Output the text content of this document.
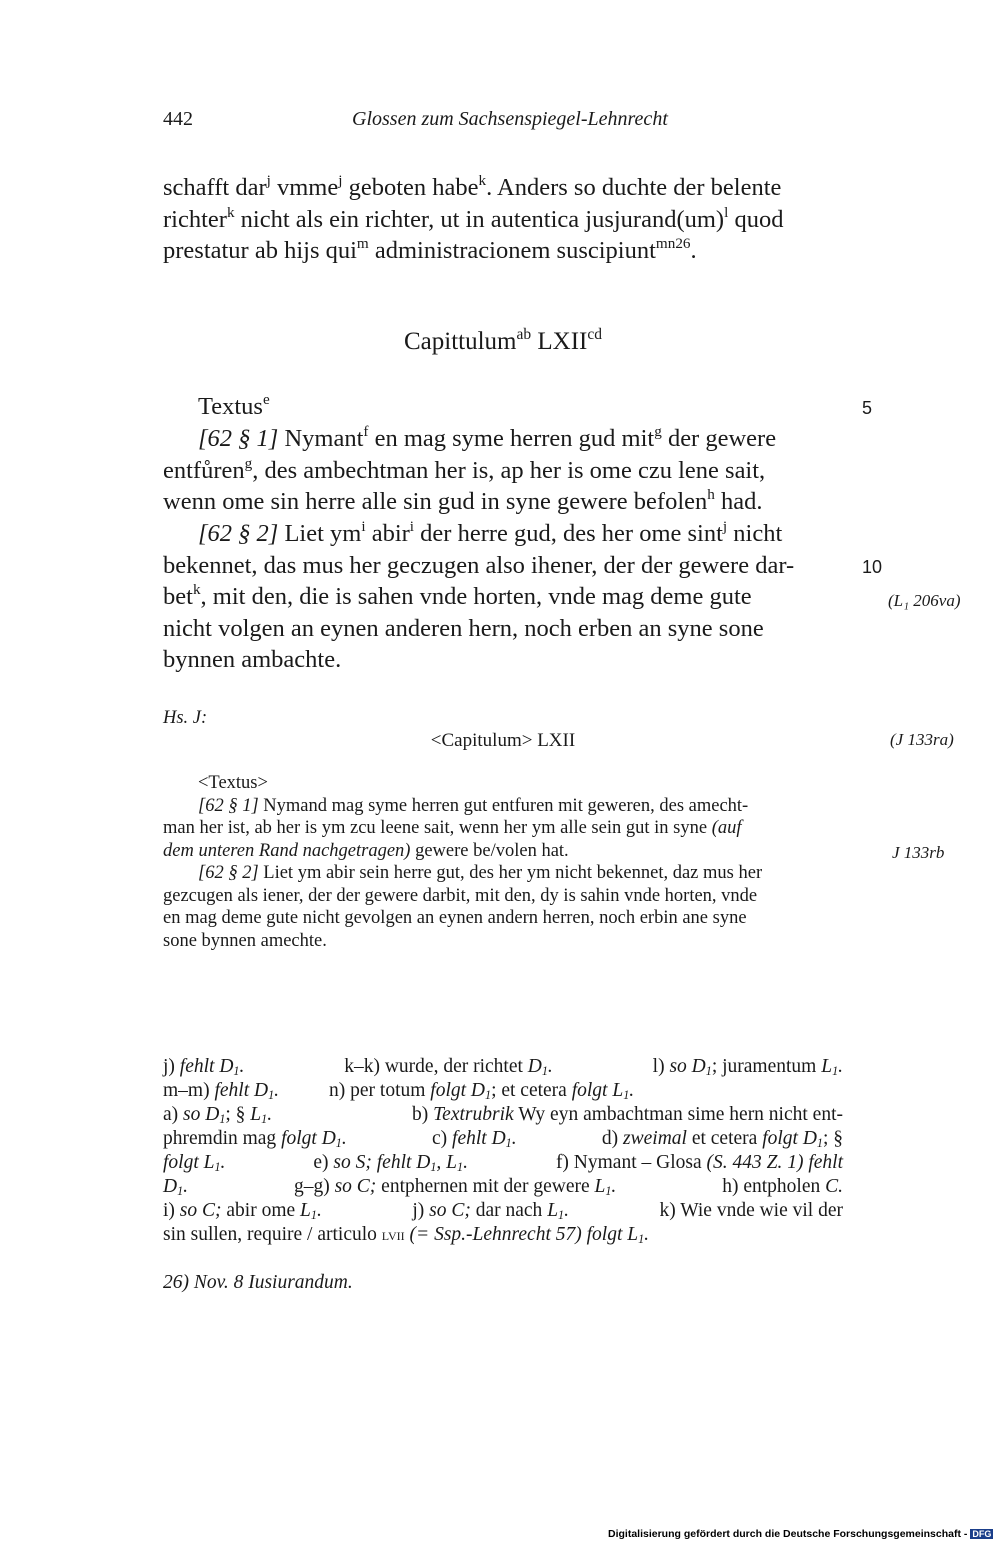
442	Glossen zum Sachsenspiegel-Lehnrecht
schafft dar$^j$ vmme$^j$ geboten habe$^k$. Anders so duchte der belente
richter$^k$ nicht als ein richter, ut in autentica jusjurand(um)$^l$ quod
prestatur ab hijs qui$^m$ administracionem suscipiunt$^{mn26}$.
Capittulum$^{ab}$ $LXII^{cd}$
Textus$^e$	5
10
(L₁ 206va)
[62 § 1] Nymant$^f$ en mag syme herren gud mit$^g$ der gewere
entfůren$^g$, des ambechtman her is, ap her is ome czu lene sait,
wenn ome sin herre alle sin gud in syne gewere befolen$^h$ had.
[62 § 2] Liet $ym^i$ abir$^i$ der herre gud, des her ome sint$^j$ nicht
bekennet, das mus her geczugen also ihener, der der gewere dar-
bet$^k$, mit den, die is sahen vnde horten, vnde mag deme gute
nicht volgen an eynen anderen hern, noch erben an syne sone
bynnen ambachte.
Hs. J:
<Capitulum> LXII	(J 133ra)
J 133rb
<Textus>
[62 § 1] Nymand mag syme herren gut entfuren mit geweren, des amecht-
man her ist, ab her is ym zcu leene sait, wenn her ym alle sein gut in syne (auf
dem unteren Rand nachgetragen) gewere be/volen hat.
[62 § 2] Liet ym abir sein herre gut, des her ym nicht bekennet, daz mus her
gezcugen als iener, der der gewere darbit, mit den, dy is sahin vnde horten, vnde
en mag deme gute nicht gevolgen an eynen andern herren, noch erbin ane syne
sone bynnen amechte.
j) fehlt $D_1$.	k–k) wurde, der richtet $D_1$.	l) so $D_1$; juramentum $L_1$.
m–m) fehlt $D_1$.	n) per totum folgt $D_1$; et cetera folgt $L_1$.
a) so $D_1$; § $L_1$.	b) Textrubrik Wy eyn ambachtman sime hern nicht ent-
phremdin mag folgt $D_1$.	c) fehlt $D_1$.	d) zweimal et cetera folgt $D_1$; §
folgt $L_1$.	e) so S; fehlt $D_1$, $L_1$.	f) Nymant – Glosa (S. 443 Z. 1) fehlt
$D_1$.	g–g) so C; entphernen mit der gewere $L_1$.	h) entpholen C.
i) so C; abir ome $L_1$.	j) so C; dar nach $L_1$.	k) Wie vnde wie vil der
sin sullen, require / articulo lvii (= Ssp.-Lehnrecht 57) folgt $L_1$.
26) Nov. 8 Iusiurandum.
Digitalisierung gefördert durch die Deutsche Forschungsgemeinschaft - DFG
